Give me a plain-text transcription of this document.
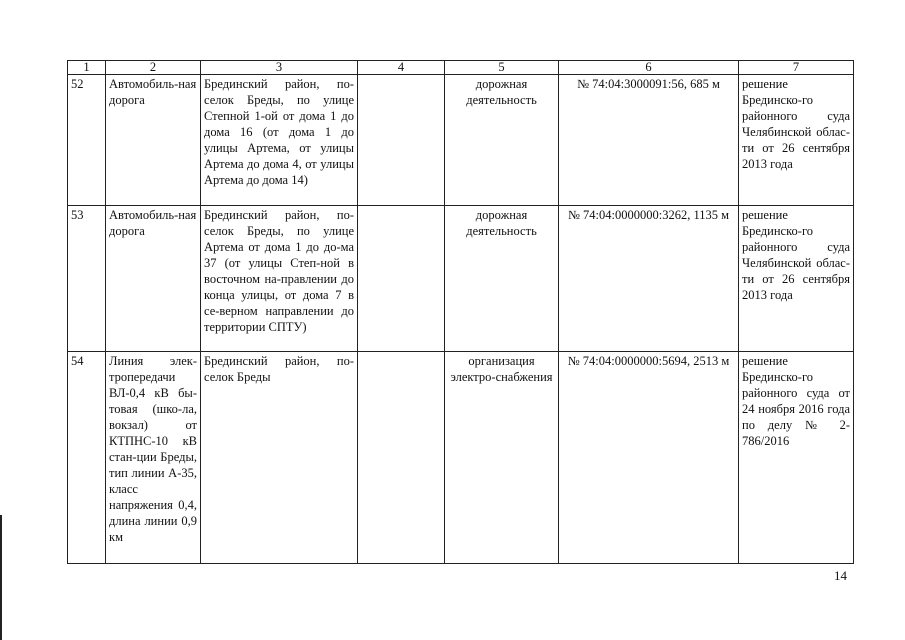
1	2	3	4	5	6	7
52	Автомобиль-ная дорога	Брединский район, по-селок Бреды, по улице Степной 1-ой от дома 1 до дома 16 (от дома 1 до улицы Артема, от улицы Артема до дома 4, от улицы Артема до дома 14)		дорожная деятельность	№ 74:04:3000091:56, 685 м	решение Брединско-го районного суда Челябинской облас-ти от 26 сентября 2013 года
53	Автомобиль-ная дорога	Брединский район, по-селок Бреды, по улице Артема от дома 1 до до-ма 37 (от улицы Степ-ной в восточном на-правлении до конца улицы, от дома 7 в се-верном направлении до территории СПТУ)		дорожная деятельность	№ 74:04:0000000:3262, 1135 м	решение Брединско-го районного суда Челябинской облас-ти от 26 сентября 2013 года
54	Линия элек-тропередачи ВЛ-0,4 кВ бы-товая (шко-ла, вокзал) от КТПНС-10 кВ стан-ции Бреды, тип линии А-35, класс напряжения 0,4, длина линии 0,9 км	Брединский район, по-селок Бреды		организация электро-снабжения	№ 74:04:0000000:5694, 2513 м	решение Брединско-го районного суда от 24 ноября 2016 года по делу № 2-786/2016
14
